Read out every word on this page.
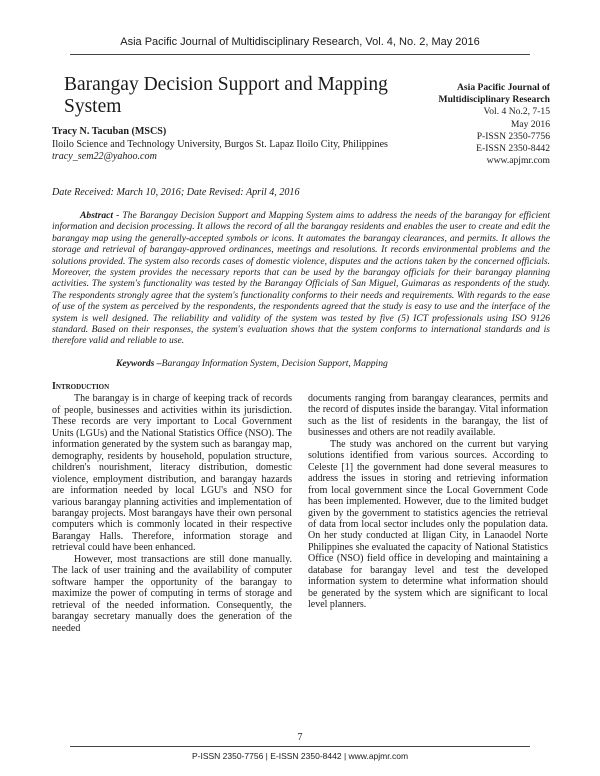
Asia Pacific Journal of Multidisciplinary Research, Vol. 4, No. 2, May 2016
Barangay Decision Support and Mapping System
Asia Pacific Journal of Multidisciplinary Research
Vol. 4 No.2, 7-15
May 2016
P-ISSN 2350-7756
E-ISSN 2350-8442
www.apjmr.com
Tracy N. Tacuban (MSCS)
Iloilo Science and Technology University, Burgos St. Lapaz Iloilo City, Philippines
tracy_sem22@yahoo.com
Date Received: March 10, 2016; Date Revised: April 4, 2016

Abstract - The Barangay Decision Support and Mapping System aims to address the needs of the barangay for efficient information and decision processing. It allows the record of all the barangay residents and enables the user to create and edit the barangay map using the generally-accepted symbols or icons. It automates the barangay clearances, and permits. It allows the storage and retrieval of barangay-approved ordinances, meetings and resolutions. It records environmental problems and the solutions provided. The system also records cases of domestic violence, disputes and the actions taken by the concerned officials. Moreover, the system provides the necessary reports that can be used by the barangay officials for their barangay planning activities. The system's functionality was tested by the Barangay Officials of San Miguel, Guimaras as respondents of the study. The respondents strongly agree that the system's functionality conforms to their needs and requirements. With regards to the ease of use of the system as perceived by the respondents, the respondents agreed that the study is easy to use and the interface of the system is well designed. The reliability and validity of the system was tested by five (5) ICT professionals using ISO 9126 standard. Based on their responses, the system's evaluation shows that the system conforms to international standards and is therefore valid and reliable to use.

Keywords –Barangay Information System, Decision Support, Mapping
Introduction

The barangay is in charge of keeping track of records of people, businesses and activities within its jurisdiction. These records are very important to Local Government Units (LGUs) and the National Statistics Office (NSO). The information generated by the system such as barangay map, demography, residents by household, population structure, children's nourishment, literacy distribution, domestic violence, employment distribution, and barangay hazards are information needed by local LGU's and NSO for various barangay planning activities and implementation of barangay projects. Most barangays have their own personal computers which is commonly located in their respective Barangay Halls. Therefore, information storage and retrieval could have been enhanced.

However, most transactions are still done manually. The lack of user training and the availability of computer software hamper the opportunity of the barangay to maximize the power of computing in terms of storage and retrieval of the needed information. Consequently, the barangay secretary manually does the generation of the needed

documents ranging from barangay clearances, permits and the record of disputes inside the barangay. Vital information such as the list of residents in the barangay, the list of businesses and others are not readily available.

The study was anchored on the current but varying solutions identified from various sources. According to Celeste [1] the government had done several measures to address the issues in storing and retrieving information from local government since the Local Government Code has been implemented. However, due to the limited budget given by the government to statistics agencies the retrieval of data from local sector includes only the population data. On her study conducted at Iligan City, in Lanaodel Norte Philippines she evaluated the capacity of National Statistics Office (NSO) field office in developing and maintaining a database for barangay level and test the developed information system to determine what information should be generated by the system which are significant to local level planners.

7
P-ISSN 2350-7756 | E-ISSN 2350-8442 | www.apjmr.com
